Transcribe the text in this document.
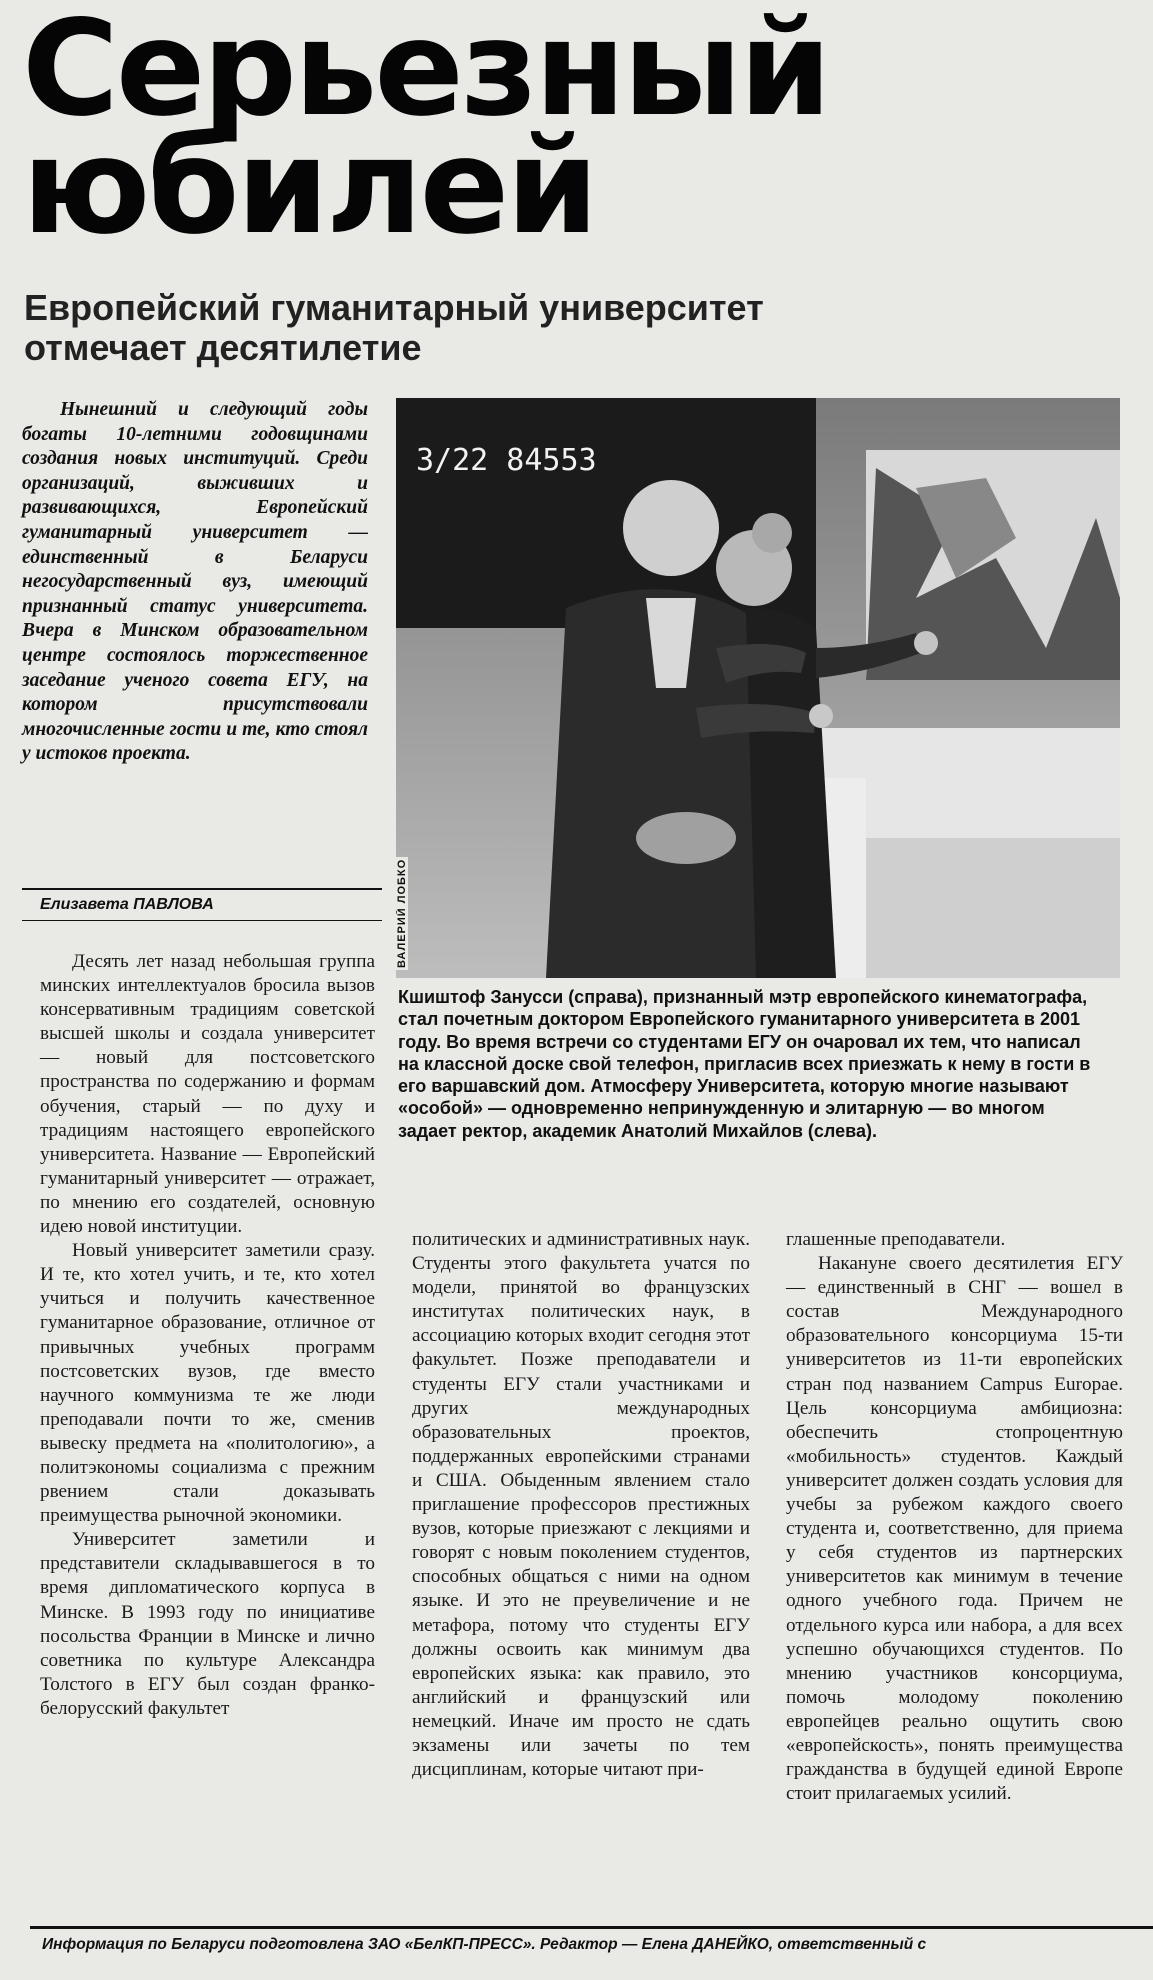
Серьезный
юбилей
Европейский гуманитарный университет
отмечает десятилетие

Нынешний и следующий годы богаты 10-летними годовщинами создания новых институций. Среди организаций, выживших и развивающихся, Европейский гуманитарный университет — единственный в Беларуси негосударственный вуз, имеющий признанный статус университета. Вчера в Минском образовательном центре состоялось торжественное заседание ученого совета ЕГУ, на котором присутствовали многочисленные гости и те, кто стоял у истоков проекта.

Елизавета ПАВЛОВА

3/22 84553
ВАЛЕРИЙ ЛОБКО

Кшиштоф Занусси (справа), признанный мэтр европейского кинематографа, стал почетным доктором Европейского гуманитарного университета в 2001 году. Во время встречи со студентами ЕГУ он очаровал их тем, что написал на классной доске свой телефон, пригласив всех приезжать к нему в гости в его варшавский дом. Атмосферу Университета, которую многие называют «особой» — одновременно непринужденную и элитарную — во многом задает ректор, академик Анатолий Михайлов (слева).

Десять лет назад небольшая группа минских интеллектуалов бросила вызов консервативным традициям советской высшей школы и создала университет — новый для постсоветского пространства по содержанию и формам обучения, старый — по духу и традициям настоящего европейского университета. Название — Европейский гуманитарный университет — отражает, по мнению его создателей, основную идею новой институции.

Новый университет заметили сразу. И те, кто хотел учить, и те, кто хотел учиться и получить качественное гуманитарное образование, отличное от привычных учебных программ постсоветских вузов, где вместо научного коммунизма те же люди преподавали почти то же, сменив вывеску предмета на «политологию», а политэкономы социализма с прежним рвением стали доказывать преимущества рыночной экономики.

Университет заметили и представители складывавшегося в то время дипломатического корпуса в Минске. В 1993 году по инициативе посольства Франции в Минске и лично советника по культуре Александра Толстого в ЕГУ был создан франко-белорусский факультет

политических и административных наук. Студенты этого факультета учатся по модели, принятой во французских институтах политических наук, в ассоциацию которых входит сегодня этот факультет. Позже преподаватели и студенты ЕГУ стали участниками и других международных образовательных проектов, поддержанных европейскими странами и США. Обыденным явлением стало приглашение профессоров престижных вузов, которые приезжают с лекциями и говорят с новым поколением студентов, способных общаться с ними на одном языке. И это не преувеличение и не метафора, потому что студенты ЕГУ должны освоить как минимум два европейских языка: как правило, это английский и французский или немецкий. Иначе им просто не сдать экзамены или зачеты по тем дисциплинам, которые читают при-

глашенные преподаватели.

Накануне своего десятилетия ЕГУ — единственный в СНГ — вошел в состав Международного образовательного консорциума 15-ти университетов из 11-ти европейских стран под названием Campus Europae. Цель консорциума амбициозна: обеспечить стопроцентную «мобильность» студентов. Каждый университет должен создать условия для учебы за рубежом каждого своего студента и, соответственно, для приема у себя студентов из партнерских университетов как минимум в течение одного учебного года. Причем не отдельного курса или набора, а для всех успешно обучающихся студентов. По мнению участников консорциума, помочь молодому поколению европейцев реально ощутить свою «европейскость», понять преимущества гражданства в будущей единой Европе стоит прилагаемых усилий.

Информация по Беларуси подготовлена ЗАО «БелКП-ПРЕСС». Редактор — Елена ДАНЕЙКО, ответственный с
